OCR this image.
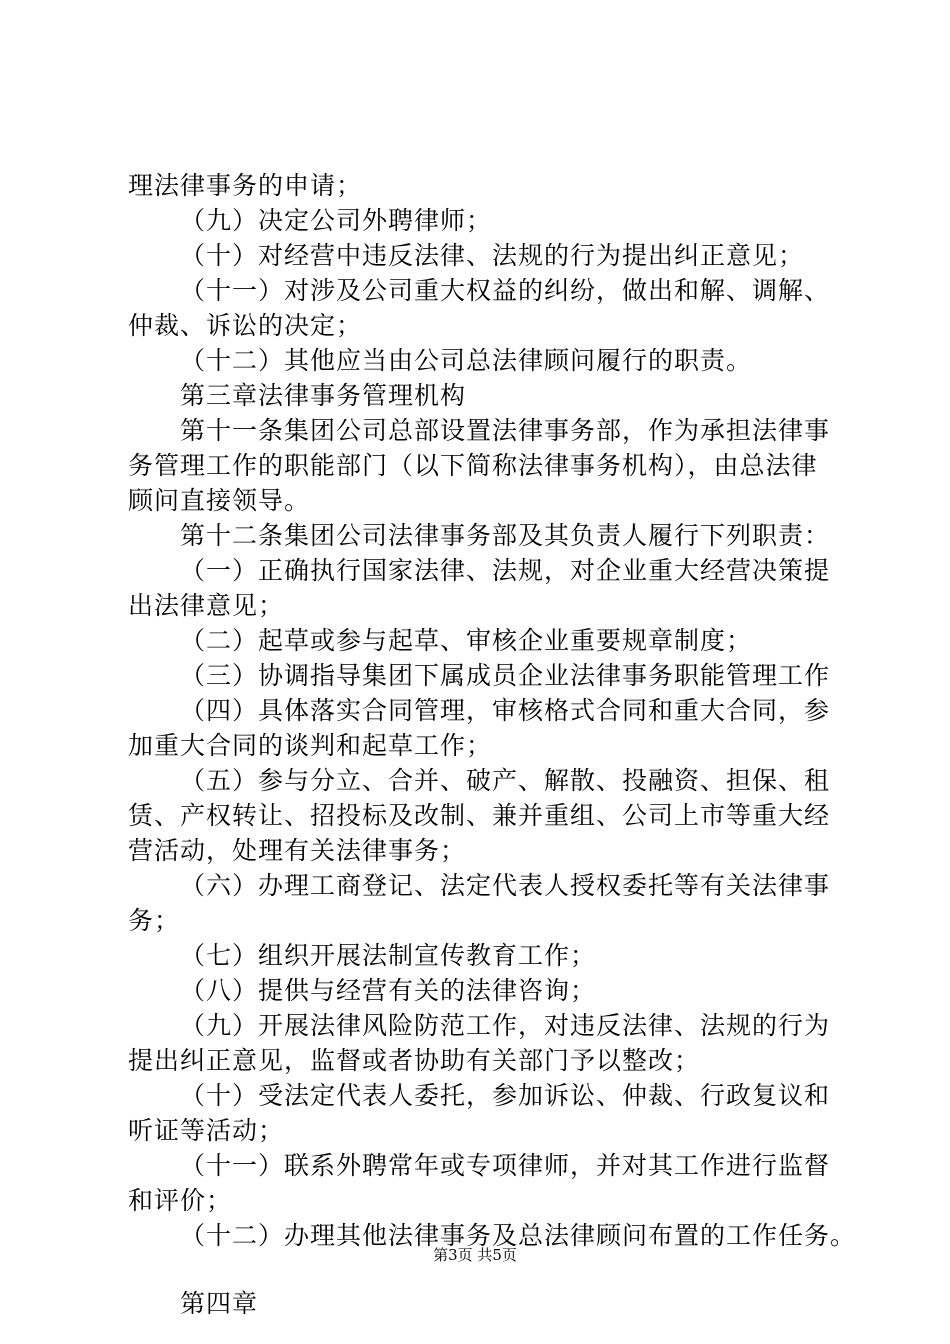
理法律事务的申请；
（九）决定公司外聘律师；
（十）对经营中违反法律、法规的行为提出纠正意见；
（十一）对涉及公司重大权益的纠纷，做出和解、调解、
仲裁、诉讼的决定；
（十二）其他应当由公司总法律顾问履行的职责。
第三章法律事务管理机构
第十一条集团公司总部设置法律事务部，作为承担法律事
务管理工作的职能部门（以下简称法律事务机构），由总法律
顾问直接领导。
第十二条集团公司法律事务部及其负责人履行下列职责：
（一）正确执行国家法律、法规，对企业重大经营决策提
出法律意见；
（二）起草或参与起草、审核企业重要规章制度；
（三）协调指导集团下属成员企业法律事务职能管理工作
（四）具体落实合同管理，审核格式合同和重大合同，参
加重大合同的谈判和起草工作；
（五）参与分立、合并、破产、解散、投融资、担保、租
赁、产权转让、招投标及改制、兼并重组、公司上市等重大经
营活动，处理有关法律事务；
（六）办理工商登记、法定代表人授权委托等有关法律事
务；
（七）组织开展法制宣传教育工作；
（八）提供与经营有关的法律咨询；
（九）开展法律风险防范工作，对违反法律、法规的行为
提出纠正意见，监督或者协助有关部门予以整改；
（十）受法定代表人委托，参加诉讼、仲裁、行政复议和
听证等活动；
（十一）联系外聘常年或专项律师，并对其工作进行监督
和评价；
（十二）办理其他法律事务及总法律顾问布置的工作任务。
第四章
第3页 共5页
